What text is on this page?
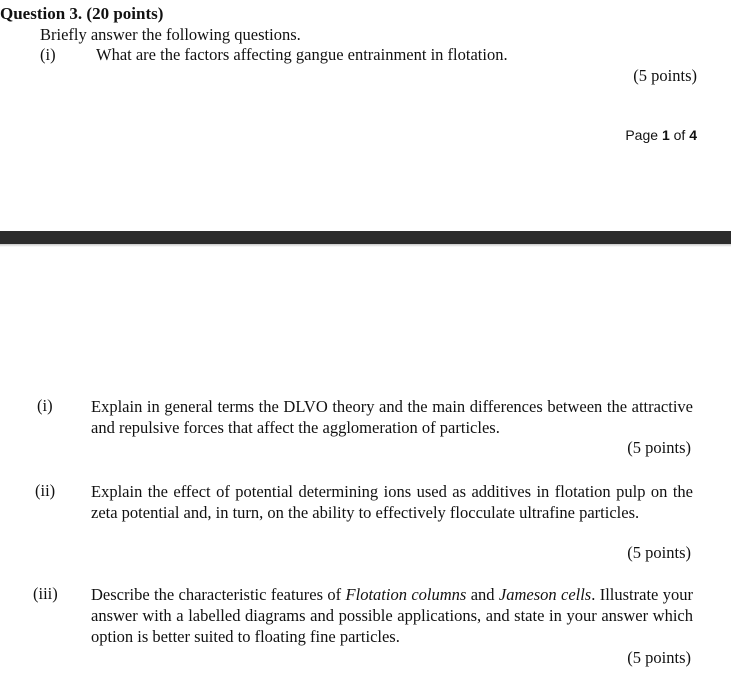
Question 3. (20 points)
Briefly answer the following questions.
(i) What are the factors affecting gangue entrainment in flotation.
(5 points)
Page 1 of 4
(i) Explain in general terms the DLVO theory and the main differences between the attractive and repulsive forces that affect the agglomeration of particles.
(5 points)
(ii) Explain the effect of potential determining ions used as additives in flotation pulp on the zeta potential and, in turn, on the ability to effectively flocculate ultrafine particles.
(5 points)
(iii) Describe the characteristic features of Flotation columns and Jameson cells. Illustrate your answer with a labelled diagrams and possible applications, and state in your answer which option is better suited to floating fine particles.
(5 points)
